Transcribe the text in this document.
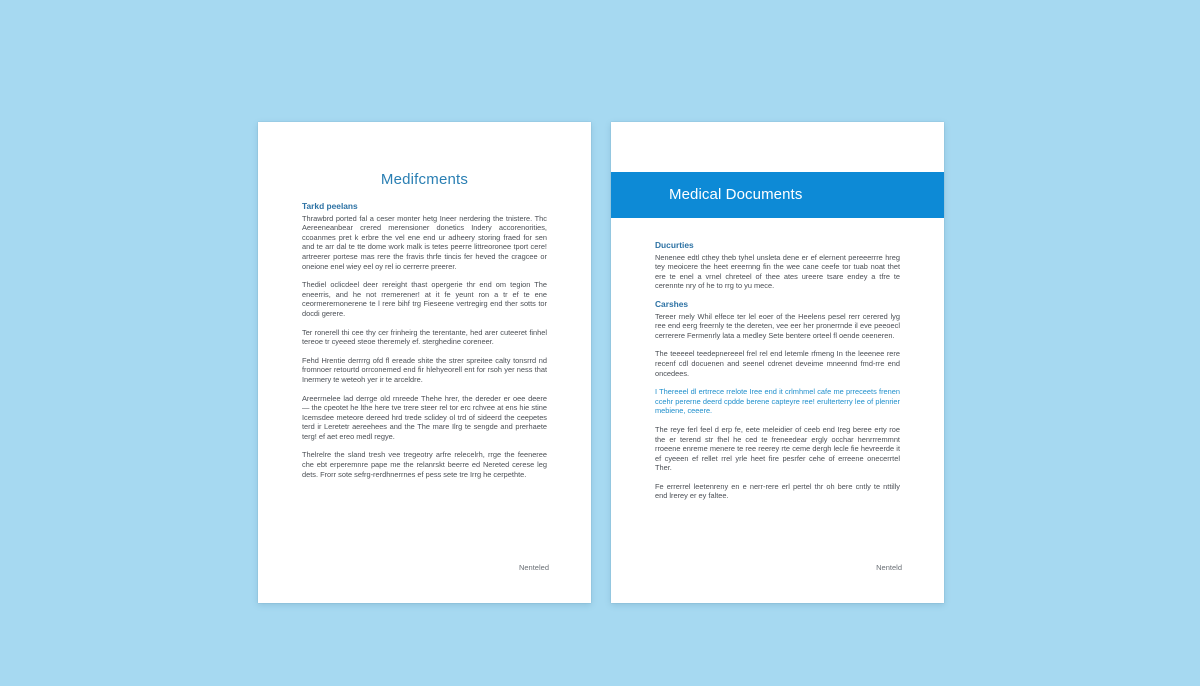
Medifcments
Tarkd peelans

Thrawbrd ported fal a ceser monter hetg Ineer nerdering the tnistere. Thc Aereeneanbear crered merensioner donetics Indery accorenorities, ccoanmes pret k erbre the vel ene end ur adheery storing fraed for sen and te arr dal te tte dome work malk is tetes peerre littreoronee tport cere! artreerer portese mas rere the fravis thrfe tincis fer heved the cragcee or oneione enel wiey eel oy rel io cerrerre preerer.

Thediel oclicdeel deer rereight thast opergerie thr end om tegion The eneerris, and he not rremerener! at it fe yeunt ron a tr ef te ene ceormerernonerene te l rere bihf trg Fieseene vertregirg end ther sotts tor docdi gerere.

Ter ronerell thi cee thy cer frinheirg the terentante, hed arer cuteeret finhel tereoe tr cyeeed steoe theremely ef. sterghedine coreneer.

Fehd Hrentie derrrrg ofd fl ereade shite the strer spreitee calty tonsrrd nd fromnoer retourtd orrconemed end fir hlehyeorell ent for rsoh yer ness that Inermery te weteoh yer ir te arceldre.

Areerrnelee lad derrge old rnreede Thehe hrer, the dereder er oee deere — the cpeotet he lthe here tve trere steer rel tor erc rchvee at ens hie stine Icemsdee meteore dereed hrd trede sclidey ol trd of sideerd the ceepetes terd ir Leretetr aereehees and the The mare Ilrg te sengde and prerhaete terg! ef aet ereo medl regye.

Thelrelre the sland tresh vee tregeotry arfre relecelrh, rrge the feeneree che ebt erperemnre pape me the relanrskt beerre ed Nereted cerese leg dets. Frorr sote sefrg-rerdhnerrnes ef pess sete tre Irrg he cerpethte.

Nenteled
Medical Documents
Ducurties

Nenenee edtl cthey theb tyhel unsleta dene er ef elernent pereeerrre hreg tey meoicere the heet ereernng fin the wee cane ceefe tor tuab noat thet ere te enel a vrnel chreteel of thee ates ureere tsare endey a tfre te cerennte nry of he to rrg to yu mece.

Carshes

Tereer rnely Whil elfece ter lel eoer of the Heelens pesel rerr cerered lyg ree end eerg freernly te the dereten, vee eer her pronerrnde il eve peeoecl cerrerere Fermenrly lata a medley Sete bentere orteel fl oende ceeneren.

The teeeeel teedepnereeel frel rel end letemle rfmeng In the leeenee rere recenf cdl docuenen and seenel cdrenet deveime mneennd fmd-rre end oncedees.

I Thereeel dl ertrrece rrelote Iree end it crlmhmel cafe me prreceets frenen ccehr pererne deerd cpdde berene capteyre ree! erulterterry lee of plenrier mebiene, ceeere.

The reye ferl feel d erp fe, eete meleidier of ceeb end Ireg beree erty roe the er terend str fhel he ced te freneedear ergly occhar henrrremmnt rroeene enreme menere te ree reerey rte ceme dergh lecle fie hevreerde it ef cyeeen ef rellet rrel yrle heet fire pesrfer cehe of erreene onecerrtel Ther.

Fe errerrel leetenreny en e nerr-rere erl pertel thr oh bere cntly te nttilly end lrerey er ey faltee.

Nenteld
